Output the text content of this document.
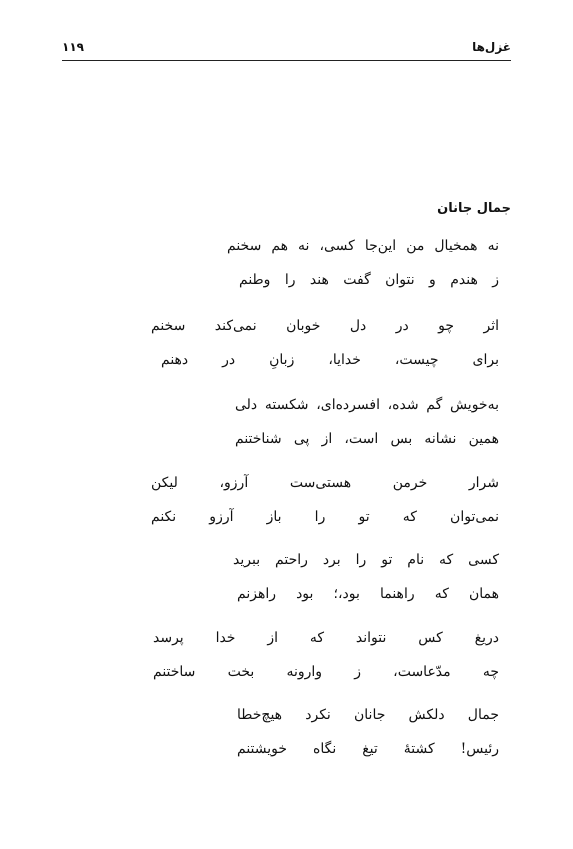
۱۱۹	غزل‌ها
جمال جانان
نه همخیال من این‌جا کسی، نه هم سخنم
ز هندم و نتوان گفت هند را وطنم
اثر چو در دل خوبان نمی‌کند سخنم
برای چیست، خدایا، زبانِ در دهنم
به‌خویش گم شده، افسرده‌ای، شکسته دلی
همین نشانه بس است، از پی شناختنم
شرار خرمن هستی‌ست آرزو، لیکن
نمی‌توان که تو را باز آرزو نکنم
کسی که نام تو را برد راحتم ببرید
همان که راهنما بود،؛ بود راهزنم
دریغ کس نتواند که از خدا پرسد
چه مدّعاست، ز وارونه بخت ساختنم
جمال دلکش جانان نکرد هیچ‌خطا
رئیس! کشتهٔ تیغ نگاه خویشتنم
